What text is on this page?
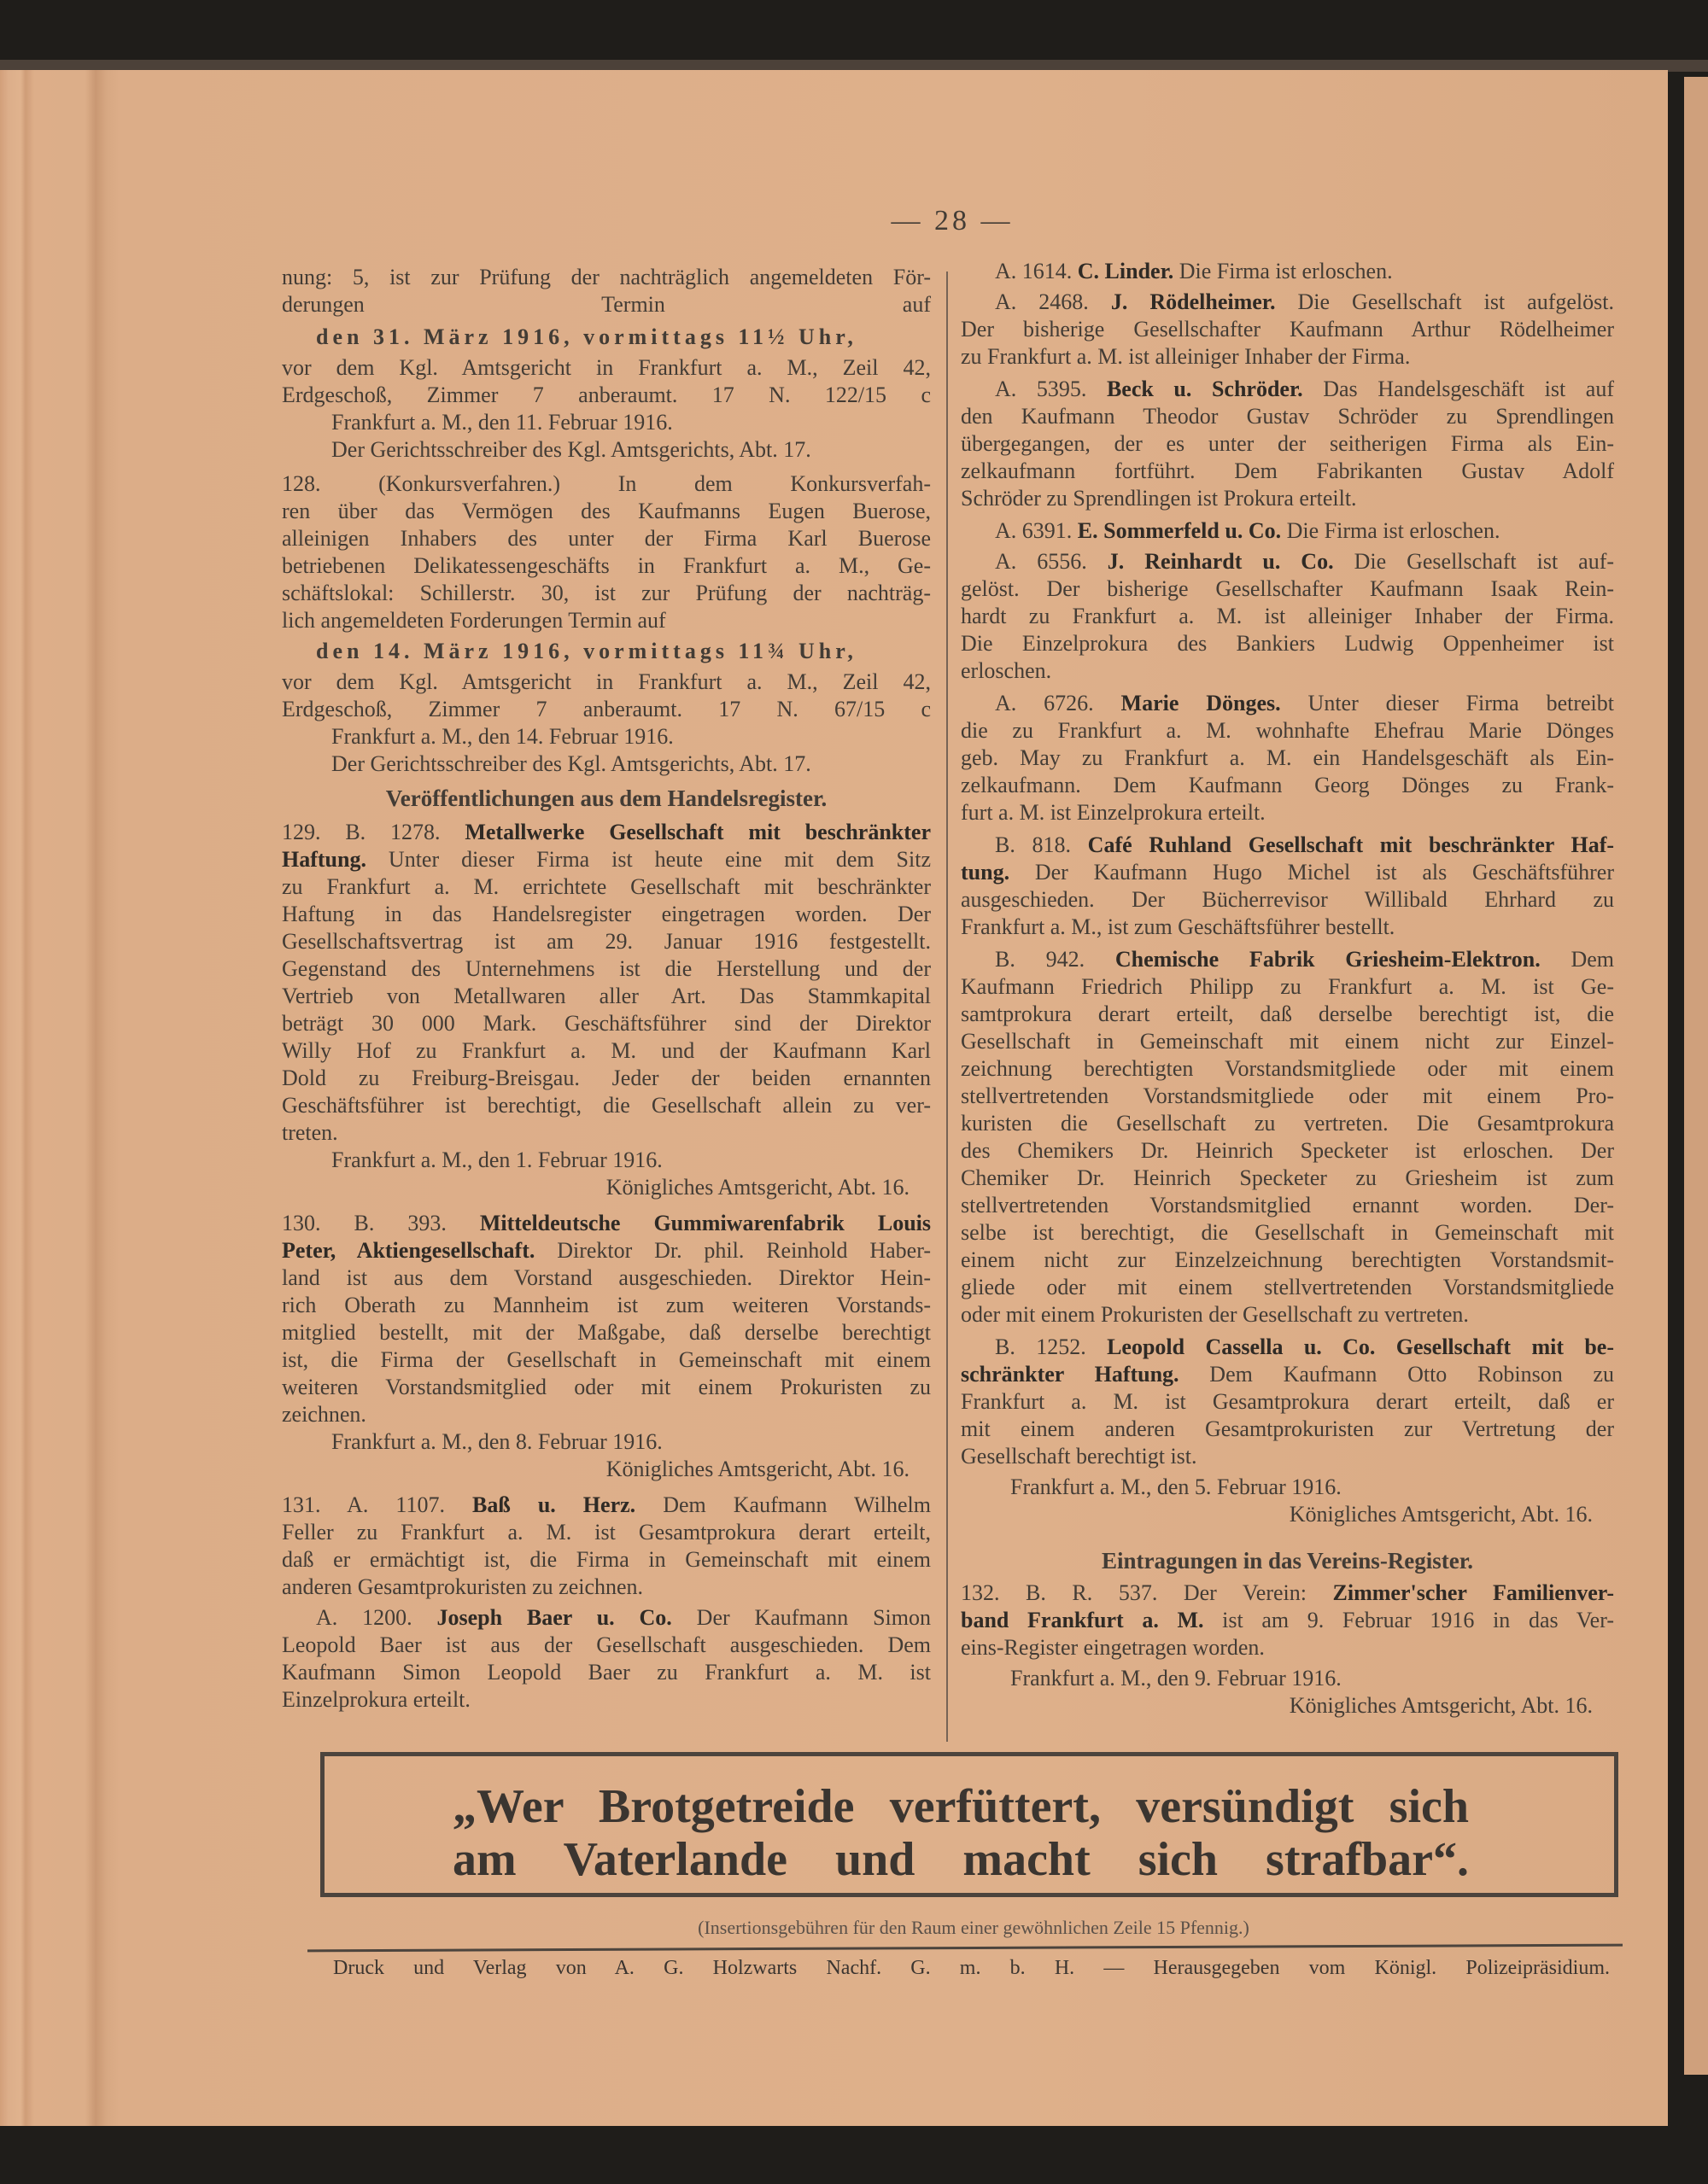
— 28 —
nung: 5, ist zur Prüfung der nachträglich angemeldeten För-
derungen Termin auf
den 31. März 1916, vormittags 11½ Uhr,
vor dem Kgl. Amtsgericht in Frankfurt a. M., Zeil 42,
Erdgeschoß, Zimmer 7 anberaumt. 17 N. 122/15 c
Frankfurt a. M., den 11. Februar 1916.
Der Gerichtsschreiber des Kgl. Amtsgerichts, Abt. 17.
128. (Konkursverfahren.) In dem Konkursverfah-
ren über das Vermögen des Kaufmanns Eugen Buerose,
alleinigen Inhabers des unter der Firma Karl Buerose
betriebenen Delikatessengeschäfts in Frankfurt a. M., Ge-
schäftslokal: Schillerstr. 30, ist zur Prüfung der nachträg-
lich angemeldeten Forderungen Termin auf
den 14. März 1916, vormittags 11¾ Uhr,
vor dem Kgl. Amtsgericht in Frankfurt a. M., Zeil 42,
Erdgeschoß, Zimmer 7 anberaumt. 17 N. 67/15 c
Frankfurt a. M., den 14. Februar 1916.
Der Gerichtsschreiber des Kgl. Amtsgerichts, Abt. 17.
Veröffentlichungen aus dem Handelsregister.
129. B. 1278. Metallwerke Gesellschaft mit beschränkter
Haftung. Unter dieser Firma ist heute eine mit dem Sitz
zu Frankfurt a. M. errichtete Gesellschaft mit beschränkter
Haftung in das Handelsregister eingetragen worden. Der
Gesellschaftsvertrag ist am 29. Januar 1916 festgestellt.
Gegenstand des Unternehmens ist die Herstellung und der
Vertrieb von Metallwaren aller Art. Das Stammkapital
beträgt 30 000 Mark. Geschäftsführer sind der Direktor
Willy Hof zu Frankfurt a. M. und der Kaufmann Karl
Dold zu Freiburg-Breisgau. Jeder der beiden ernannten
Geschäftsführer ist berechtigt, die Gesellschaft allein zu ver-
treten.
Frankfurt a. M., den 1. Februar 1916.
Königliches Amtsgericht, Abt. 16.
130. B. 393. Mitteldeutsche Gummiwarenfabrik Louis
Peter, Aktiengesellschaft. Direktor Dr. phil. Reinhold Haber-
land ist aus dem Vorstand ausgeschieden. Direktor Hein-
rich Oberath zu Mannheim ist zum weiteren Vorstands-
mitglied bestellt, mit der Maßgabe, daß derselbe berechtigt
ist, die Firma der Gesellschaft in Gemeinschaft mit einem
weiteren Vorstandsmitglied oder mit einem Prokuristen zu
zeichnen.
Frankfurt a. M., den 8. Februar 1916.
Königliches Amtsgericht, Abt. 16.
131. A. 1107. Baß u. Herz. Dem Kaufmann Wilhelm
Feller zu Frankfurt a. M. ist Gesamtprokura derart erteilt,
daß er ermächtigt ist, die Firma in Gemeinschaft mit einem
anderen Gesamtprokuristen zu zeichnen.
A. 1200. Joseph Baer u. Co. Der Kaufmann Simon
Leopold Baer ist aus der Gesellschaft ausgeschieden. Dem
Kaufmann Simon Leopold Baer zu Frankfurt a. M. ist
Einzelprokura erteilt.
A. 1614. C. Linder. Die Firma ist erloschen.
A. 2468. J. Rödelheimer. Die Gesellschaft ist aufgelöst.
Der bisherige Gesellschafter Kaufmann Arthur Rödelheimer
zu Frankfurt a. M. ist alleiniger Inhaber der Firma.
A. 5395. Beck u. Schröder. Das Handelsgeschäft ist auf
den Kaufmann Theodor Gustav Schröder zu Sprendlingen
übergegangen, der es unter der seitherigen Firma als Ein-
zelkaufmann fortführt. Dem Fabrikanten Gustav Adolf
Schröder zu Sprendlingen ist Prokura erteilt.
A. 6391. E. Sommerfeld u. Co. Die Firma ist erloschen.
A. 6556. J. Reinhardt u. Co. Die Gesellschaft ist auf-
gelöst. Der bisherige Gesellschafter Kaufmann Isaak Rein-
hardt zu Frankfurt a. M. ist alleiniger Inhaber der Firma.
Die Einzelprokura des Bankiers Ludwig Oppenheimer ist
erloschen.
A. 6726. Marie Dönges. Unter dieser Firma betreibt
die zu Frankfurt a. M. wohnhafte Ehefrau Marie Dönges
geb. May zu Frankfurt a. M. ein Handelsgeschäft als Ein-
zelkaufmann. Dem Kaufmann Georg Dönges zu Frank-
furt a. M. ist Einzelprokura erteilt.
B. 818. Café Ruhland Gesellschaft mit beschränkter Haf-
tung. Der Kaufmann Hugo Michel ist als Geschäftsführer
ausgeschieden. Der Bücherrevisor Willibald Ehrhard zu
Frankfurt a. M., ist zum Geschäftsführer bestellt.
B. 942. Chemische Fabrik Griesheim-Elektron. Dem
Kaufmann Friedrich Philipp zu Frankfurt a. M. ist Ge-
samtprokura derart erteilt, daß derselbe berechtigt ist, die
Gesellschaft in Gemeinschaft mit einem nicht zur Einzel-
zeichnung berechtigten Vorstandsmitgliede oder mit einem
stellvertretenden Vorstandsmitgliede oder mit einem Pro-
kuristen die Gesellschaft zu vertreten. Die Gesamtprokura
des Chemikers Dr. Heinrich Specketer ist erloschen. Der
Chemiker Dr. Heinrich Specketer zu Griesheim ist zum
stellvertretenden Vorstandsmitglied ernannt worden. Der-
selbe ist berechtigt, die Gesellschaft in Gemeinschaft mit
einem nicht zur Einzelzeichnung berechtigten Vorstandsmit-
gliede oder mit einem stellvertretenden Vorstandsmitgliede
oder mit einem Prokuristen der Gesellschaft zu vertreten.
B. 1252. Leopold Cassella u. Co. Gesellschaft mit be-
schränkter Haftung. Dem Kaufmann Otto Robinson zu
Frankfurt a. M. ist Gesamtprokura derart erteilt, daß er
mit einem anderen Gesamtprokuristen zur Vertretung der
Gesellschaft berechtigt ist.
Frankfurt a. M., den 5. Februar 1916.
Königliches Amtsgericht, Abt. 16.
Eintragungen in das Vereins-Register.
132. B. R. 537. Der Verein: Zimmer'scher Familienver-
band Frankfurt a. M. ist am 9. Februar 1916 in das Ver-
eins-Register eingetragen worden.
Frankfurt a. M., den 9. Februar 1916.
Königliches Amtsgericht, Abt. 16.
„Wer Brotgetreide verfüttert, versündigt sich
am Vaterlande und macht sich strafbar“.
(Insertionsgebühren für den Raum einer gewöhnlichen Zeile 15 Pfennig.)
Druck und Verlag von A. G. Holzwarts Nachf. G. m. b. H. — Herausgegeben vom Königl. Polizeipräsidium.
